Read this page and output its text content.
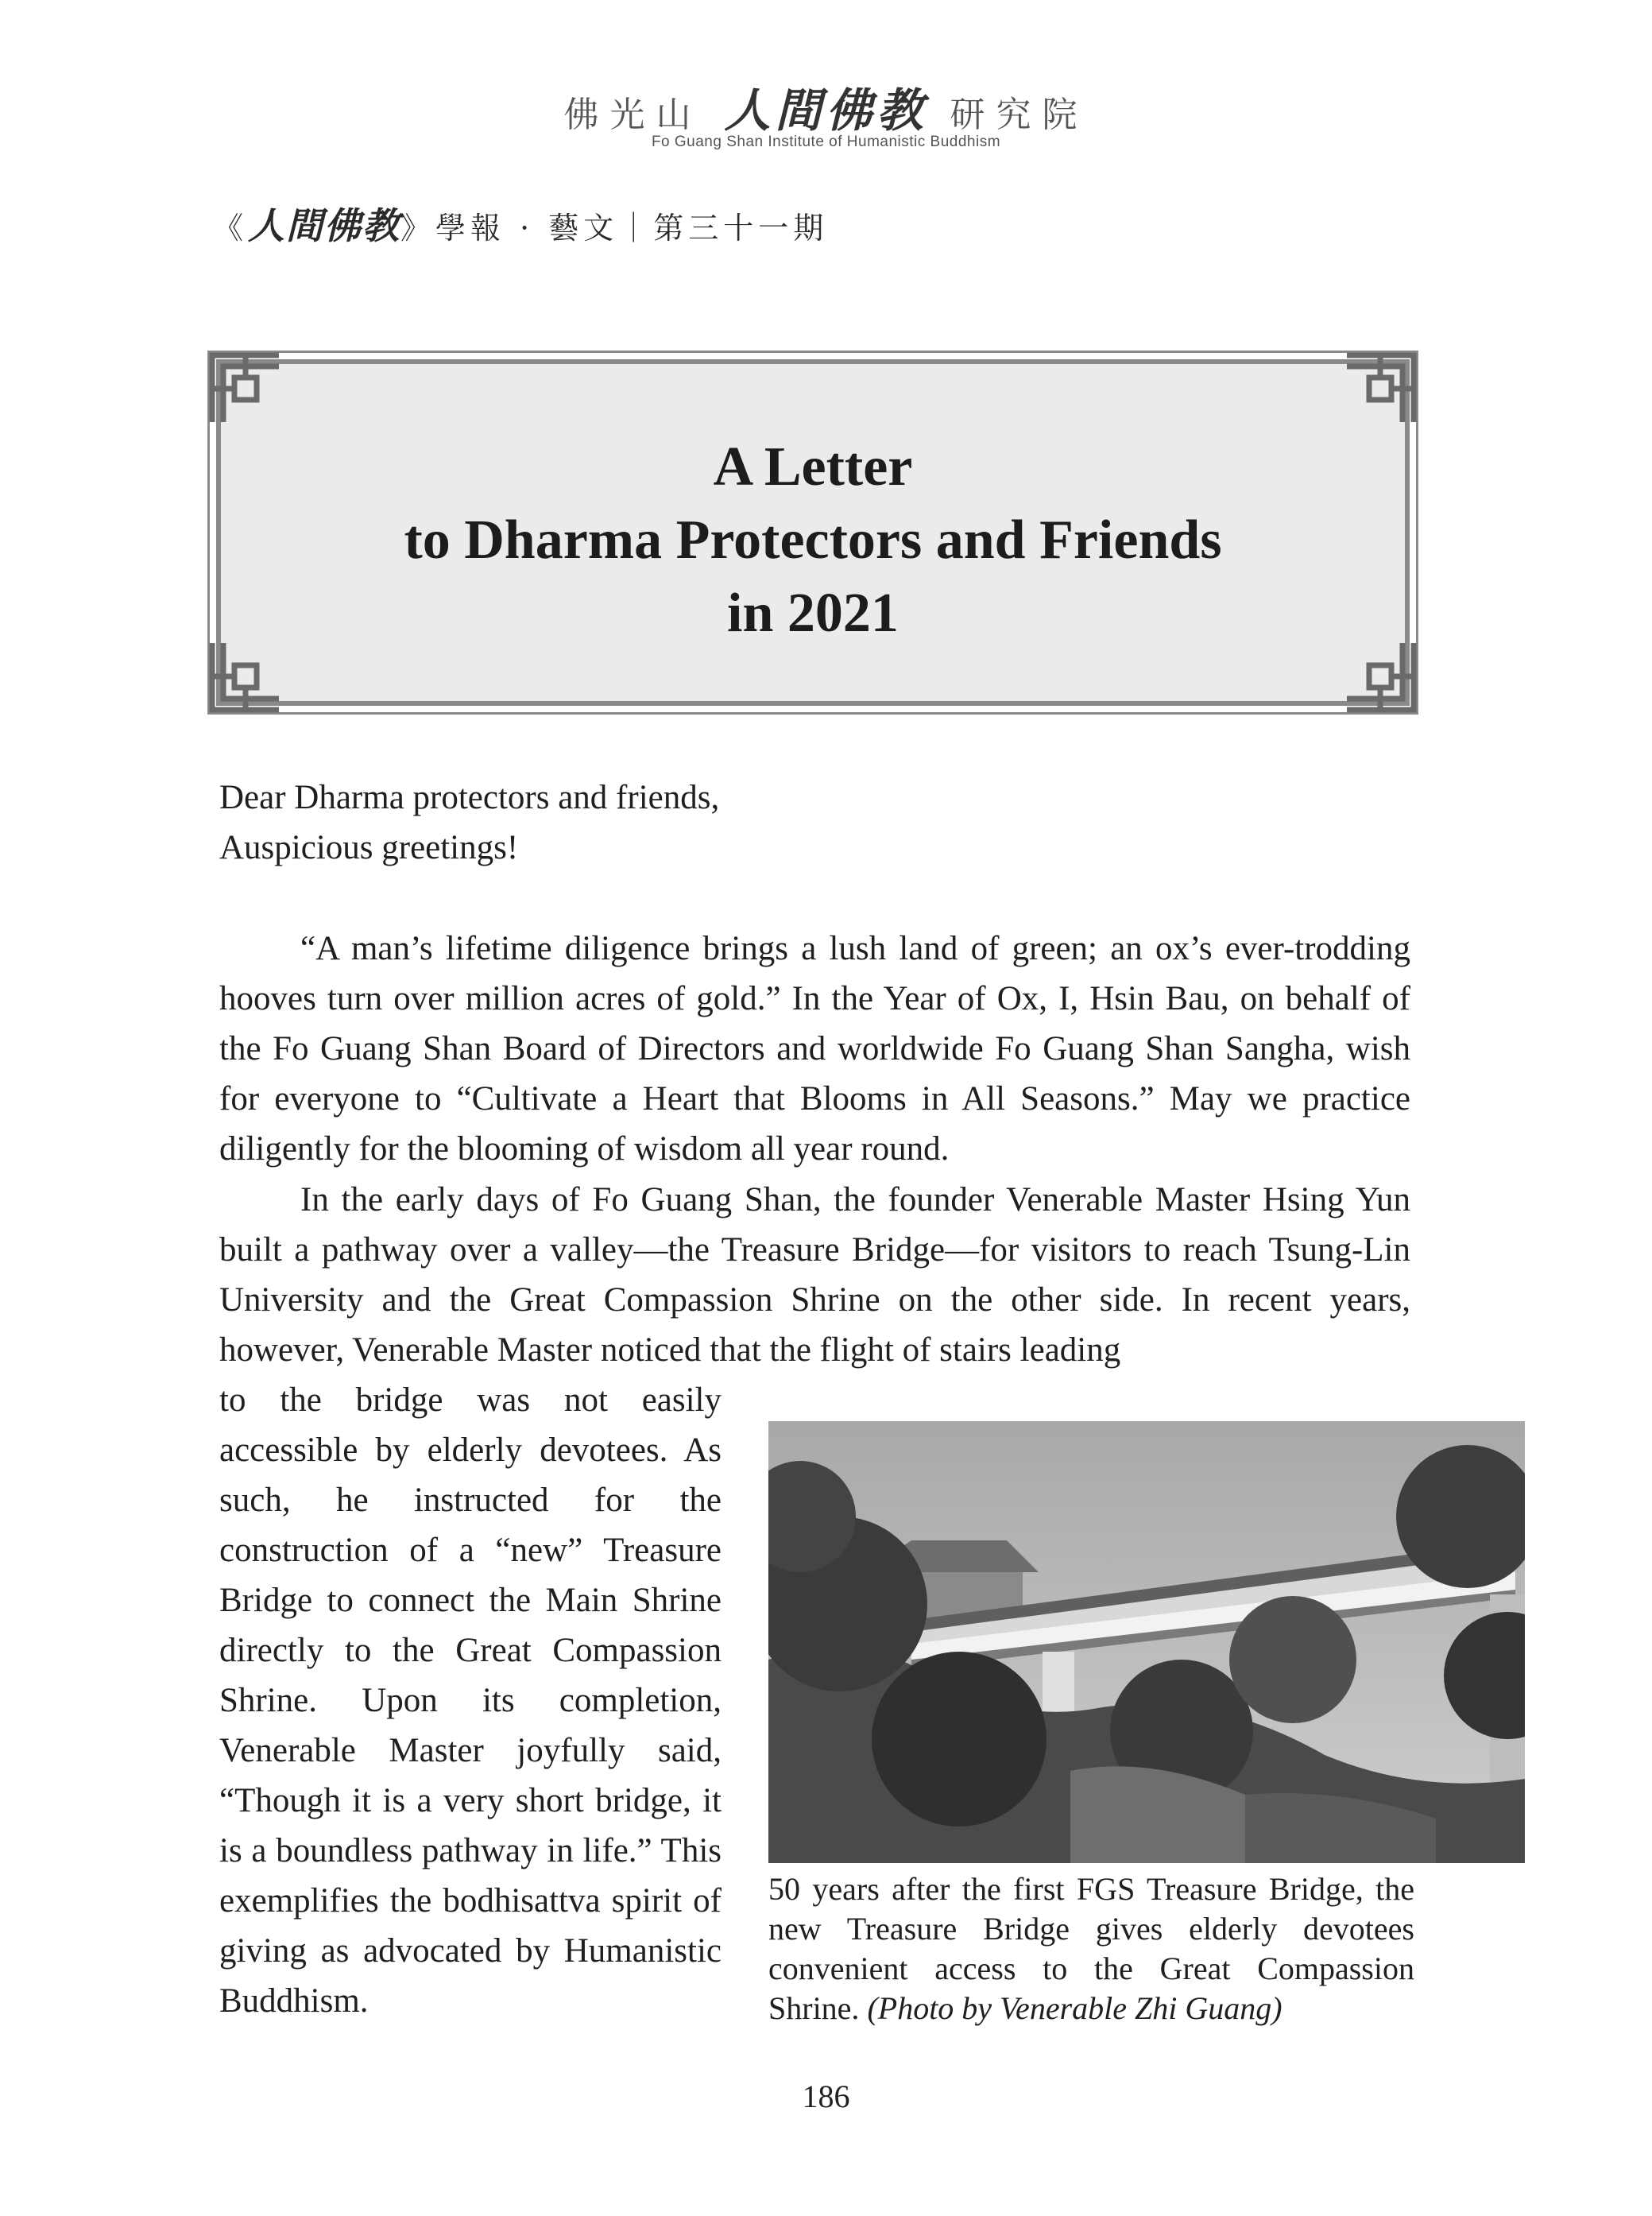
佛光山 人間佛教 研究院
Fo Guang Shan Institute of Humanistic Buddhism
《人間佛教》學報 · 藝文｜第三十一期
A Letter
to Dharma Protectors and Friends
in 2021
Dear Dharma protectors and friends,
Auspicious greetings!

“A man’s lifetime diligence brings a lush land of green; an ox’s ever-trodding hooves turn over million acres of gold.” In the Year of Ox, I, Hsin Bau, on behalf of the Fo Guang Shan Board of Directors and worldwide Fo Guang Shan Sangha, wish for everyone to “Cultivate a Heart that Blooms in All Seasons.” May we practice diligently for the blooming of wisdom all year round.

In the early days of Fo Guang Shan, the founder Venerable Master Hsing Yun built a pathway over a valley—the Treasure Bridge—for visitors to reach Tsung-Lin University and the Great Compassion Shrine on the other side. In recent years, however, Venerable Master noticed that the flight of stairs leading

to the bridge was not easily accessible by elderly devotees. As such, he instructed for the construction of a “new” Treasure Bridge to connect the Main Shrine directly to the Great Compassion Shrine. Upon its completion, Venerable Master joyfully said, “Though it is a very short bridge, it is a boundless pathway in life.” This exemplifies the bodhisattva spirit of giving as advocated by Humanistic Buddhism.

50 years after the first FGS Treasure Bridge, the new Treasure Bridge gives elderly devotees convenient access to the Great Compassion Shrine. (Photo by Venerable Zhi Guang)
186
